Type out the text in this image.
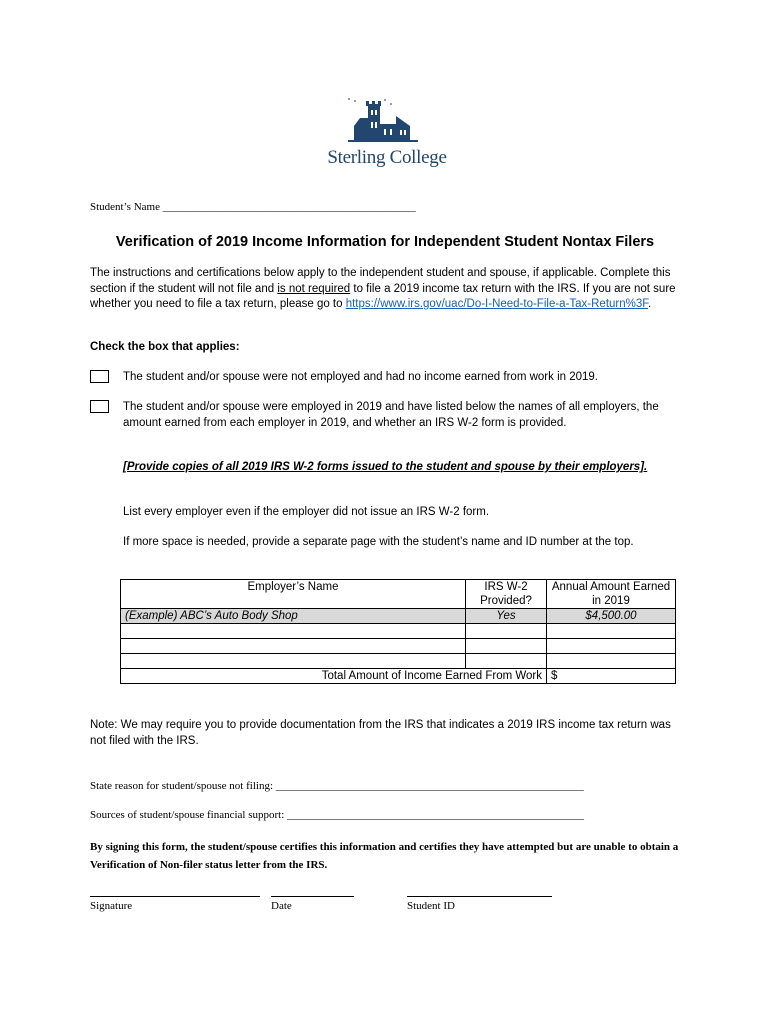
Sterling College
Student’s Name ______________________________________________
Verification of 2019 Income Information for Independent Student Nontax Filers
The instructions and certifications below apply to the independent student and spouse, if applicable. Complete this section if the student will not file and is not required to file a 2019 income tax return with the IRS. If you are not sure whether you need to file a tax return, please go to https://www.irs.gov/uac/Do-I-Need-to-File-a-Tax-Return%3F.
Check the box that applies:
The student and/or spouse were not employed and had no income earned from work in 2019.
The student and/or spouse were employed in 2019 and have listed below the names of all employers, the amount earned from each employer in 2019, and whether an IRS W-2 form is provided.
[Provide copies of all 2019 IRS W-2 forms issued to the student and spouse by their employers].
List every employer even if the employer did not issue an IRS W-2 form.
If more space is needed, provide a separate page with the student’s name and ID number at the top.
Employer’s Name	IRS W-2 Provided?	Annual Amount Earned in 2019
(Example) ABC’s Auto Body Shop	Yes	$4,500.00

Total Amount of Income Earned From Work		$
Note: We may require you to provide documentation from the IRS that indicates a 2019 IRS income tax return was not filed with the IRS.
State reason for student/spouse not filing: ________________________________________________________
Sources of student/spouse financial support: ______________________________________________________
By signing this form, the student/spouse certifies this information and certifies they have attempted but are unable to obtain a Verification of Non-filer status letter from the IRS.
Signature	Date	Student ID
